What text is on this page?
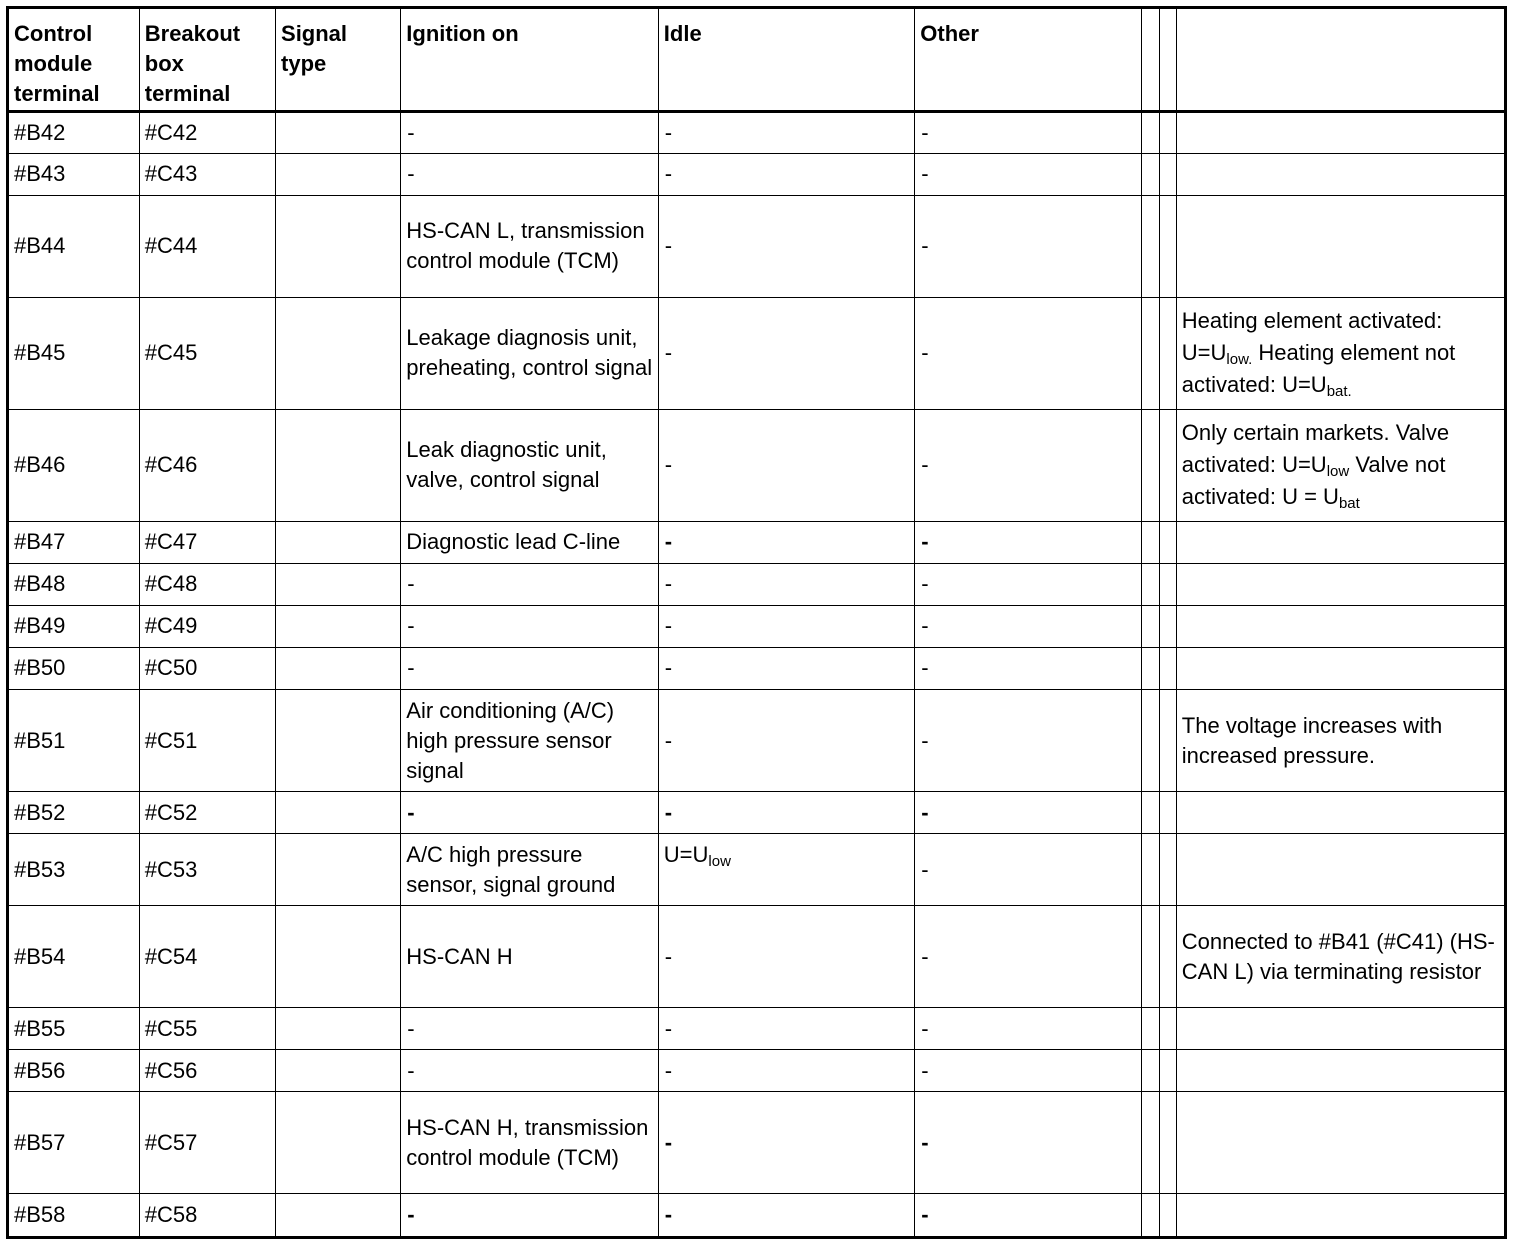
Control module terminal	Breakout box terminal	Signal type	Ignition on	Idle	Other			
#B42	#C42		-	-	-			
#B43	#C43		-	-	-			
#B44	#C44		HS-CAN L, transmission control module (TCM)	-	-			
#B45	#C45		Leakage diagnosis unit, preheating, control signal	-	-			Heating element activated: $U=U_{low.}$ Heating element not activated: $U=U_{bat.}$
#B46	#C46		Leak diagnostic unit, valve, control signal	-	-			Only certain markets. Valve activated: $U=U_{low}$ Valve not activated: $U = U_{bat}$
#B47	#C47		Diagnostic lead C-line	-	-			
#B48	#C48		-	-	-			
#B49	#C49		-	-	-			
#B50	#C50		-	-	-			
#B51	#C51		Air conditioning (A/C) high pressure sensor signal	-	-			The voltage increases with increased pressure.
#B52	#C52		-	-	-			
#B53	#C53		A/C high pressure sensor, signal ground	$U=U_{low}$	-			
#B54	#C54		HS-CAN H	-	-			Connected to #B41 (#C41) (HS-CAN L) via terminating resistor
#B55	#C55		-	-	-			
#B56	#C56		-	-	-			
#B57	#C57		HS-CAN H, transmission control module (TCM)	-	-			
#B58	#C58		-	-	-			
